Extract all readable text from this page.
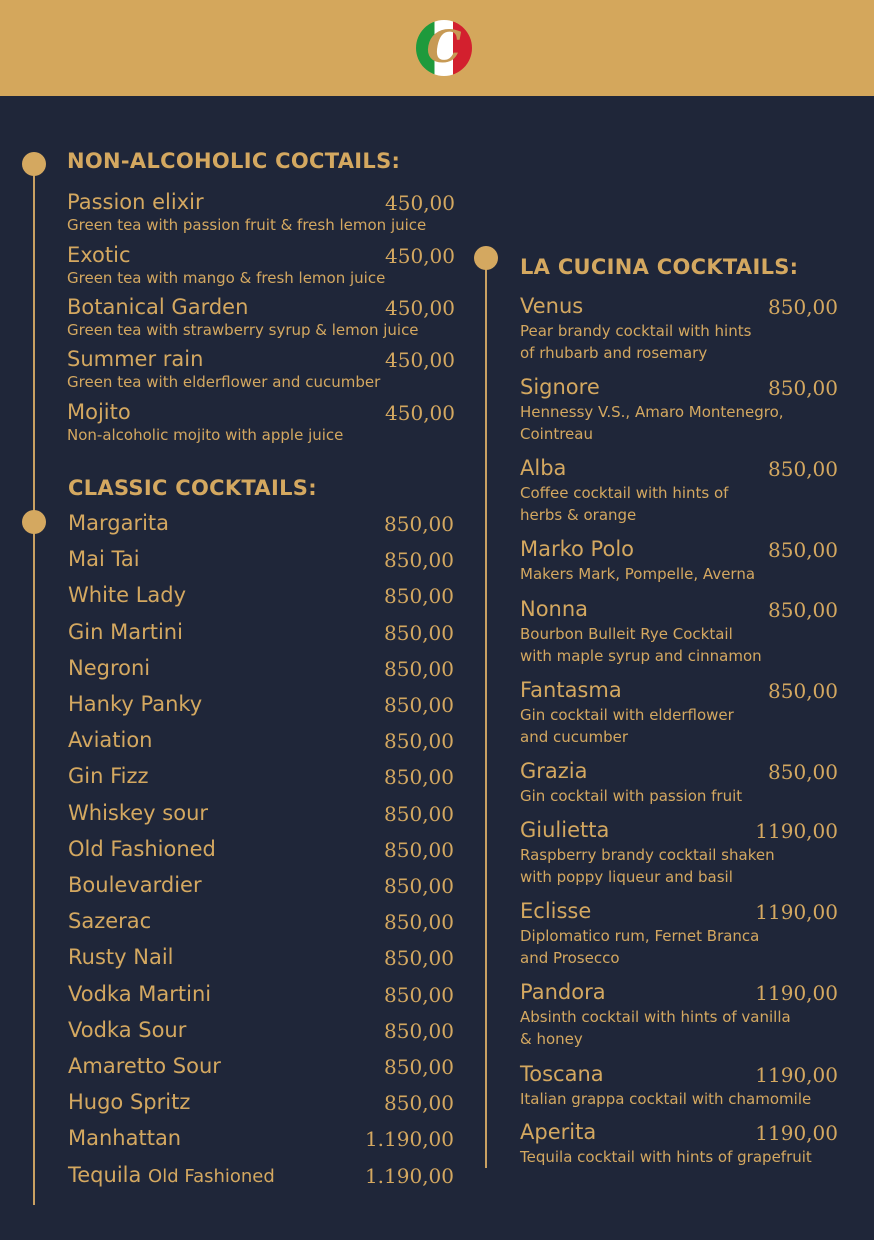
C
NON-ALCOHOLIC COCTAILS:
Passion elixir	450,00
Green tea with passion fruit & fresh lemon juice
Exotic	450,00
Green tea with mango & fresh lemon juice
Botanical Garden	450,00
Green tea with strawberry syrup & lemon juice
Summer rain	450,00
Green tea with elderflower and cucumber
Mojito	450,00
Non-alcoholic mojito with apple juice
CLASSIC COCKTAILS:
Margarita	850,00
Mai Tai	850,00
White Lady	850,00
Gin Martini	850,00
Negroni	850,00
Hanky Panky	850,00
Aviation	850,00
Gin Fizz	850,00
Whiskey sour	850,00
Old Fashioned	850,00
Boulevardier	850,00
Sazerac	850,00
Rusty Nail	850,00
Vodka Martini	850,00
Vodka Sour	850,00
Amaretto Sour	850,00
Hugo Spritz	850,00
Manhattan	1.190,00
Tequila Old Fashioned	1.190,00
LA CUCINA COCKTAILS:
Venus	850,00
Pear brandy cocktail with hints
of rhubarb and rosemary
Signore	850,00
Hennessy V.S., Amaro Montenegro,
Cointreau
Alba	850,00
Coffee cocktail with hints of
herbs & orange
Marko Polo	850,00
Makers Mark, Pompelle, Averna
Nonna	850,00
Bourbon Bulleit Rye Cocktail
with maple syrup and cinnamon
Fantasma	850,00
Gin cocktail with elderflower
and cucumber
Grazia	850,00
Gin cocktail with passion fruit
Giulietta	1190,00
Raspberry brandy cocktail shaken
with poppy liqueur and basil
Eclisse	1190,00
Diplomatico rum, Fernet Branca
and Prosecco
Pandora	1190,00
Absinth cocktail with hints of vanilla
& honey
Toscana	1190,00
Italian grappa cocktail with chamomile
Aperita	1190,00
Tequila cocktail with hints of grapefruit
